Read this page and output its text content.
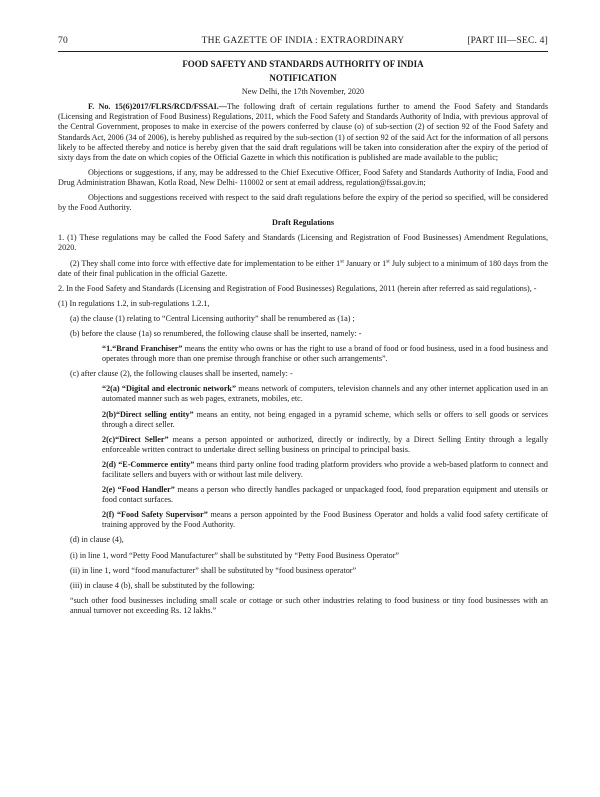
70	THE GAZETTE OF INDIA : EXTRAORDINARY	[PART III—SEC. 4]

FOOD SAFETY AND STANDARDS AUTHORITY OF INDIA

NOTIFICATION

New Delhi, the 17th November, 2020

F. No. 15(6)2017/FLRS/RCD/FSSAI.—The following draft of certain regulations further to amend the Food Safety and Standards (Licensing and Registration of Food Business) Regulations, 2011, which the Food Safety and Standards Authority of India, with previous approval of the Central Government, proposes to make in exercise of the powers conferred by clause (o) of sub-section (2) of section 92 of the Food Safety and Standards Act, 2006 (34 of 2006), is hereby published as required by the sub-section (1) of section 92 of the said Act for the information of all persons likely to be affected thereby and notice is hereby given that the said draft regulations will be taken into consideration after the expiry of the period of sixty days from the date on which copies of the Official Gazette in which this notification is published are made available to the public;

Objections or suggestions, if any, may be addressed to the Chief Executive Officer, Food Safety and Standards Authority of India, Food and Drug Administration Bhawan, Kotla Road, New Delhi- 110002 or sent at email address, regulation@fssai.gov.in;

Objections and suggestions received with respect to the said draft regulations before the expiry of the period so specified, will be considered by the Food Authority.

Draft Regulations

1. (1) These regulations may be called the Food Safety and Standards (Licensing and Registration of Food Businesses) Amendment Regulations, 2020.

(2) They shall come into force with effective date for implementation to be either 1st January or 1st July subject to a minimum of 180 days from the date of their final publication in the official Gazette.

2. In the Food Safety and Standards (Licensing and Registration of Food Businesses) Regulations, 2011 (herein after referred as said regulations), -

(1) In regulations 1.2, in sub-regulations 1.2.1,

(a) the clause (1) relating to “Central Licensing authority” shall be renumbered as (1a) ;

(b) before the clause (1a) so renumbered, the following clause shall be inserted, namely: -

“1.“Brand Franchiser” means the entity who owns or has the right to use a brand of food or food business, used in a food business and operates through more than one premise through franchise or other such arrangements”.

(c) after clause (2), the following clauses shall be inserted, namely: -

“2(a) “Digital and electronic network” means network of computers, television channels and any other internet application used in an automated manner such as web pages, extranets, mobiles, etc.

2(b)“Direct selling entity” means an entity, not being engaged in a pyramid scheme, which sells or offers to sell goods or services through a direct seller.

2(c)“Direct Seller” means a person appointed or authorized, directly or indirectly, by a Direct Selling Entity through a legally enforceable written contract to undertake direct selling business on principal to principal basis.

2(d) “E-Commerce entity” means third party online food trading platform providers who provide a web-based platform to connect and facilitate sellers and buyers with or without last mile delivery.

2(e) “Food Handler” means a person who directly handles packaged or unpackaged food, food preparation equipment and utensils or food contact surfaces.

2(f) “Food Safety Supervisor” means a person appointed by the Food Business Operator and holds a valid food safety certificate of training approved by the Food Authority.

(d) in clause (4),

(i) in line 1, word “Petty Food Manufacturer” shall be substituted by “Petty Food Business Operator”

(ii) in line 1, word “food manufacturer” shall be substituted by “food business operator”

(iii) in clause 4 (b), shall be substituted by the following:

“such other food businesses including small scale or cottage or such other industries relating to food business or tiny food businesses with an annual turnover not exceeding Rs. 12 lakhs.”
